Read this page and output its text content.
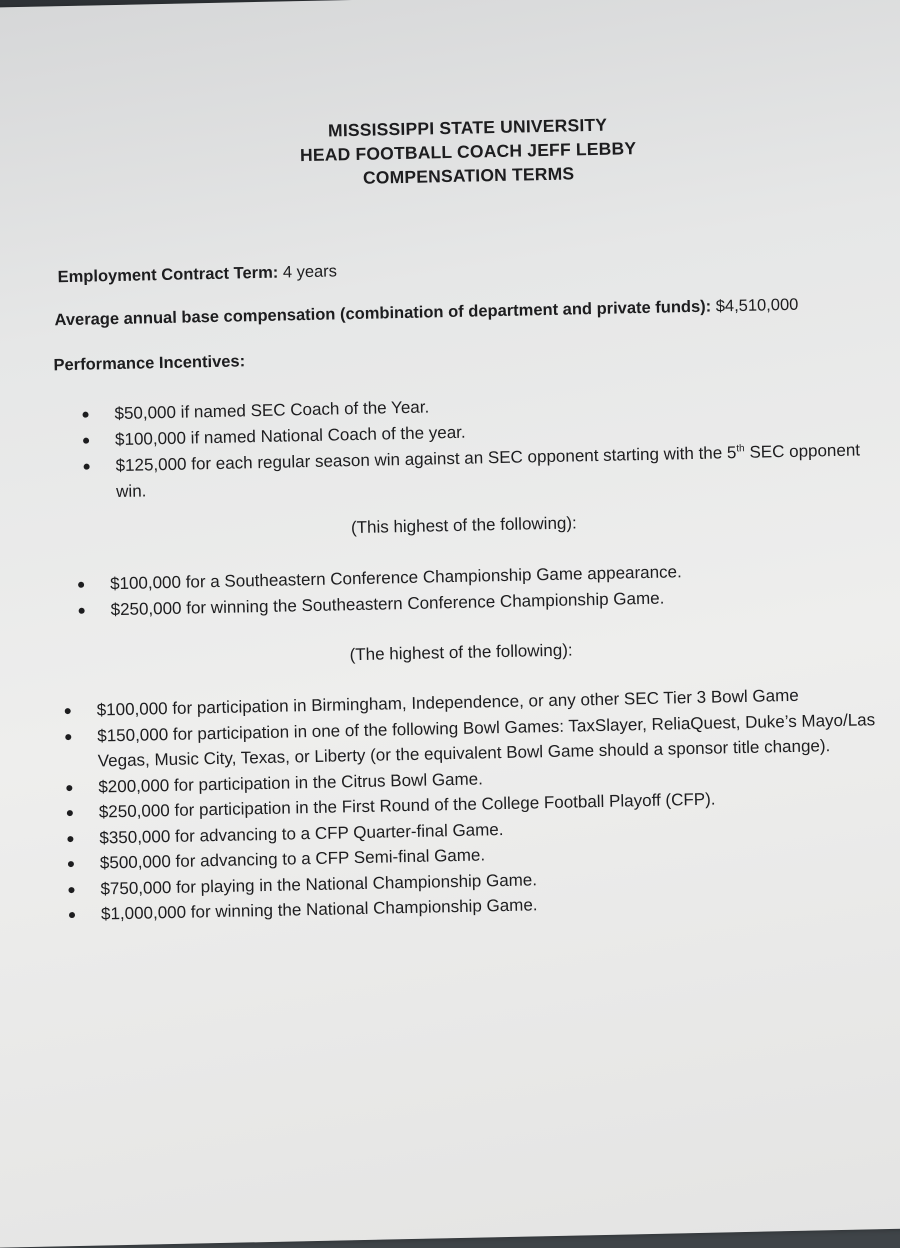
MISSISSIPPI STATE UNIVERSITY
HEAD FOOTBALL COACH JEFF LEBBY
COMPENSATION TERMS
Employment Contract Term: 4 years
Average annual base compensation (combination of department and private funds): $4,510,000
Performance Incentives:
$50,000 if named SEC Coach of the Year.
$100,000 if named National Coach of the year.
$125,000 for each regular season win against an SEC opponent starting with the 5th SEC opponent win.
(This highest of the following):
$100,000 for a Southeastern Conference Championship Game appearance.
$250,000 for winning the Southeastern Conference Championship Game.
(The highest of the following):
$100,000 for participation in Birmingham, Independence, or any other SEC Tier 3 Bowl Game
$150,000 for participation in one of the following Bowl Games: TaxSlayer, ReliaQuest, Duke’s Mayo/Las Vegas, Music City, Texas, or Liberty (or the equivalent Bowl Game should a sponsor title change).
$200,000 for participation in the Citrus Bowl Game.
$250,000 for participation in the First Round of the College Football Playoff (CFP).
$350,000 for advancing to a CFP Quarter-final Game.
$500,000 for advancing to a CFP Semi-final Game.
$750,000 for playing in the National Championship Game.
$1,000,000 for winning the National Championship Game.
